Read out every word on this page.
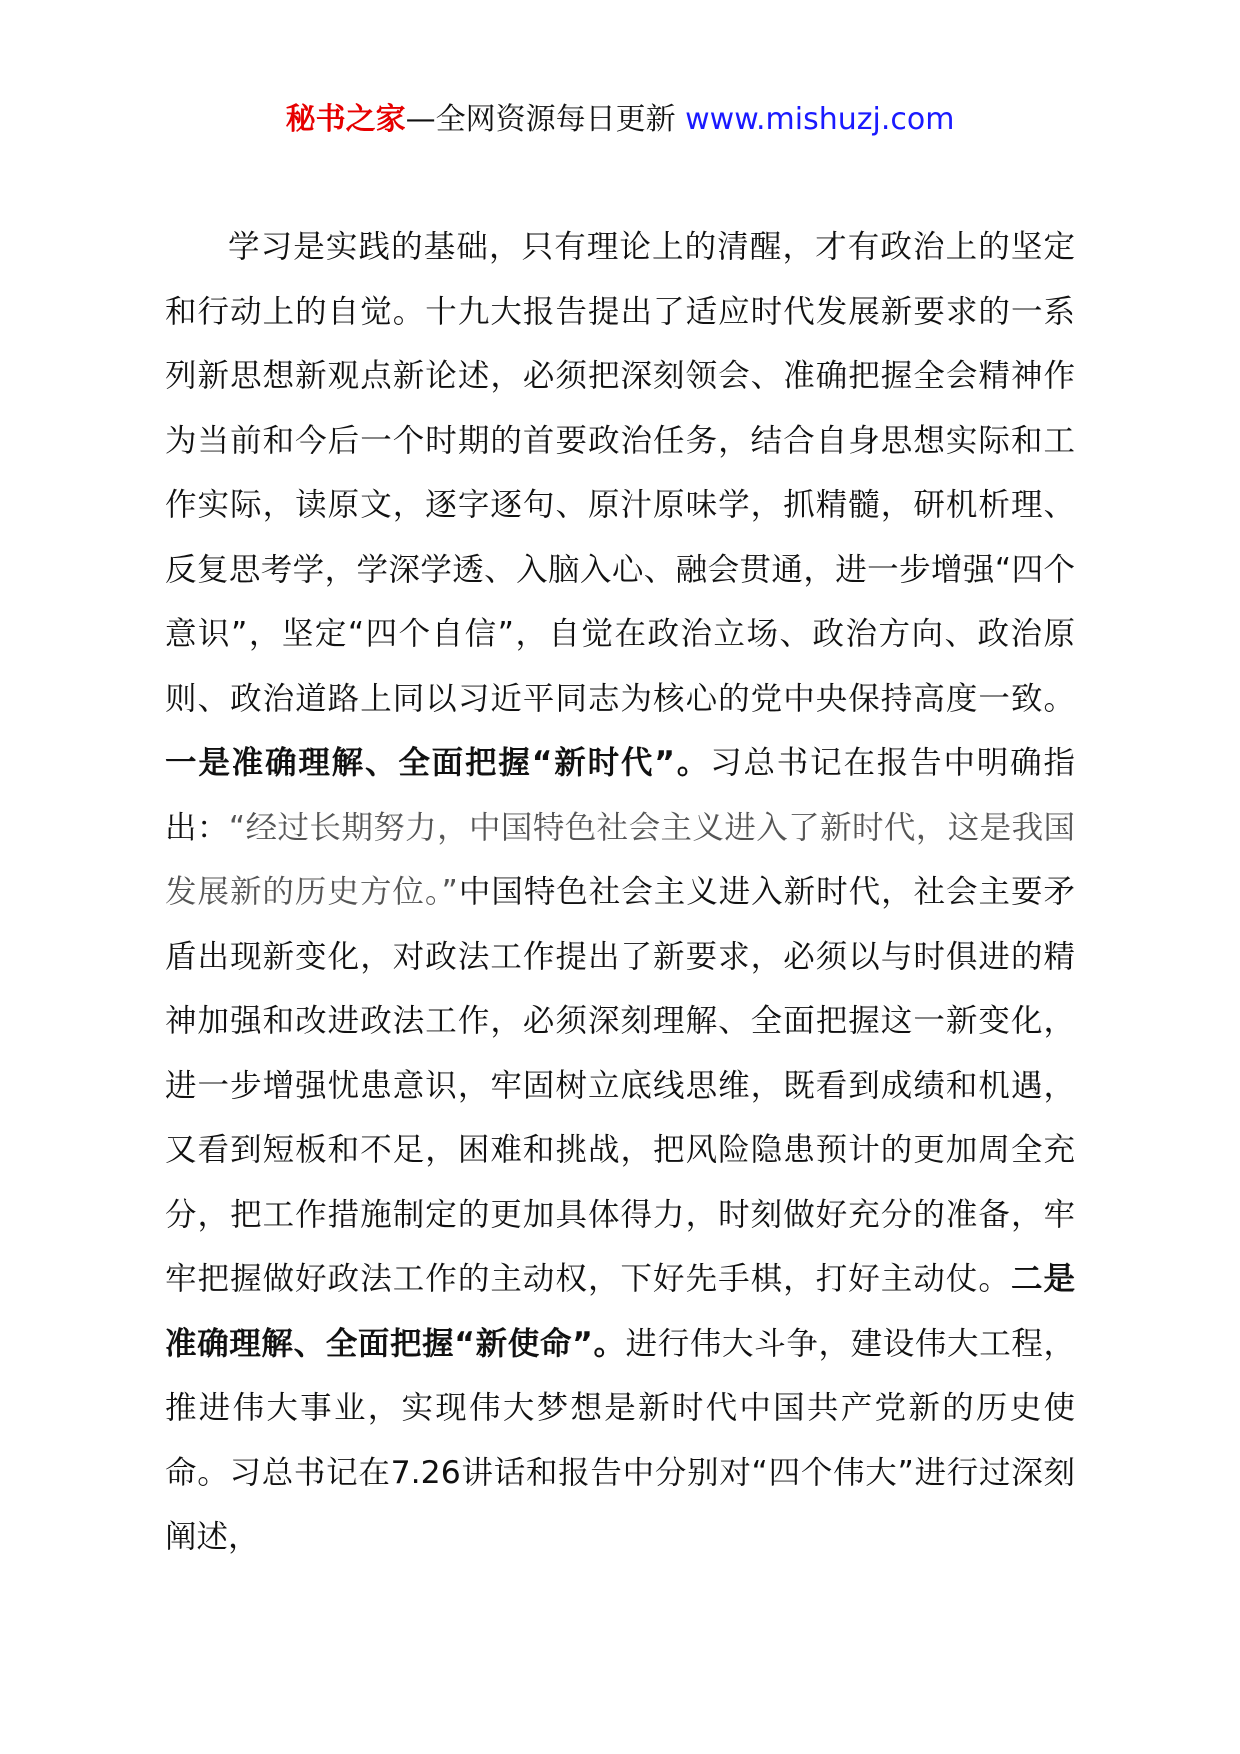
秘书之家—全网资源每日更新 www.mishuzj.com

学习是实践的基础，只有理论上的清醒，才有政治上的坚定和行动上的自觉。十九大报告提出了适应时代发展新要求的一系列新思想新观点新论述，必须把深刻领会、准确把握全会精神作为当前和今后一个时期的首要政治任务，结合自身思想实际和工作实际，读原文，逐字逐句、原汁原味学，抓精髓，研机析理、反复思考学，学深学透、入脑入心、融会贯通，进一步增强“四个意识”，坚定“四个自信”，自觉在政治立场、政治方向、政治原则、政治道路上同以习近平同志为核心的党中央保持高度一致。一是准确理解、全面把握“新时代”。习总书记在报告中明确指出：“经过长期努力，中国特色社会主义进入了新时代，这是我国发展新的历史方位。”中国特色社会主义进入新时代，社会主要矛盾出现新变化，对政法工作提出了新要求，必须以与时俱进的精神加强和改进政法工作，必须深刻理解、全面把握这一新变化，进一步增强忧患意识，牢固树立底线思维，既看到成绩和机遇，又看到短板和不足，困难和挑战，把风险隐患预计的更加周全充分，把工作措施制定的更加具体得力，时刻做好充分的准备，牢牢把握做好政法工作的主动权，下好先手棋，打好主动仗。二是准确理解、全面把握“新使命”。进行伟大斗争，建设伟大工程，推进伟大事业，实现伟大梦想是新时代中国共产党新的历史使命。习总书记在7.26讲话和报告中分别对“四个伟大”进行过深刻阐述，
